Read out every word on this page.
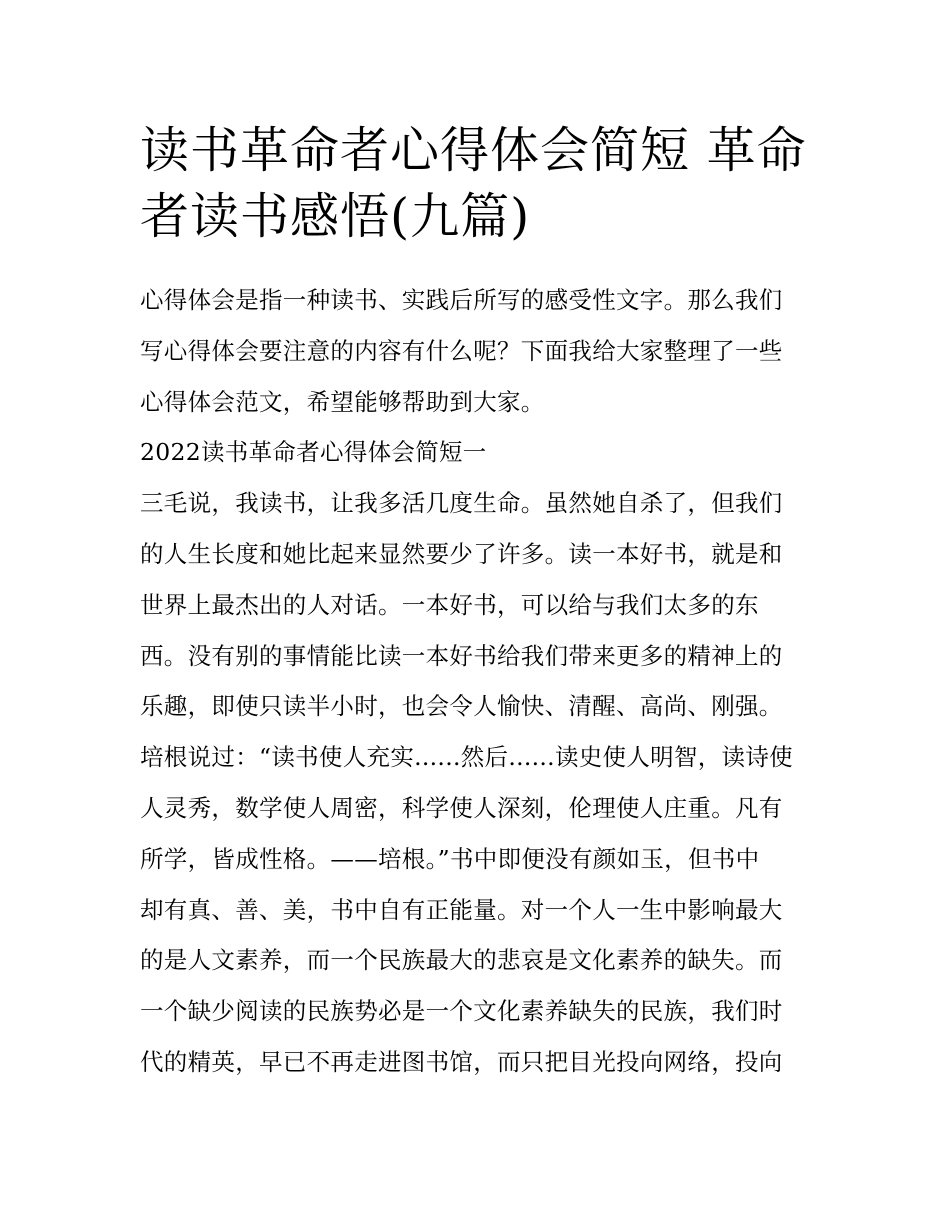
读书革命者心得体会简短 革命
者读书感悟(九篇)
心得体会是指一种读书、实践后所写的感受性文字。那么我们
写心得体会要注意的内容有什么呢？下面我给大家整理了一些
心得体会范文，希望能够帮助到大家。
2022读书革命者心得体会简短一
三毛说，我读书，让我多活几度生命。虽然她自杀了，但我们
的人生长度和她比起来显然要少了许多。读一本好书，就是和
世界上最杰出的人对话。一本好书，可以给与我们太多的东
西。没有别的事情能比读一本好书给我们带来更多的精神上的
乐趣，即使只读半小时，也会令人愉快、清醒、高尚、刚强。
培根说过：“读书使人充实......然后......读史使人明智，读诗使
人灵秀，数学使人周密，科学使人深刻，伦理使人庄重。凡有
所学，皆成性格。——培根。”书中即便没有颜如玉，但书中
却有真、善、美，书中自有正能量。对一个人一生中影响最大
的是人文素养，而一个民族最大的悲哀是文化素养的缺失。而
一个缺少阅读的民族势必是一个文化素养缺失的民族，我们时
代的精英，早已不再走进图书馆，而只把目光投向网络，投向
